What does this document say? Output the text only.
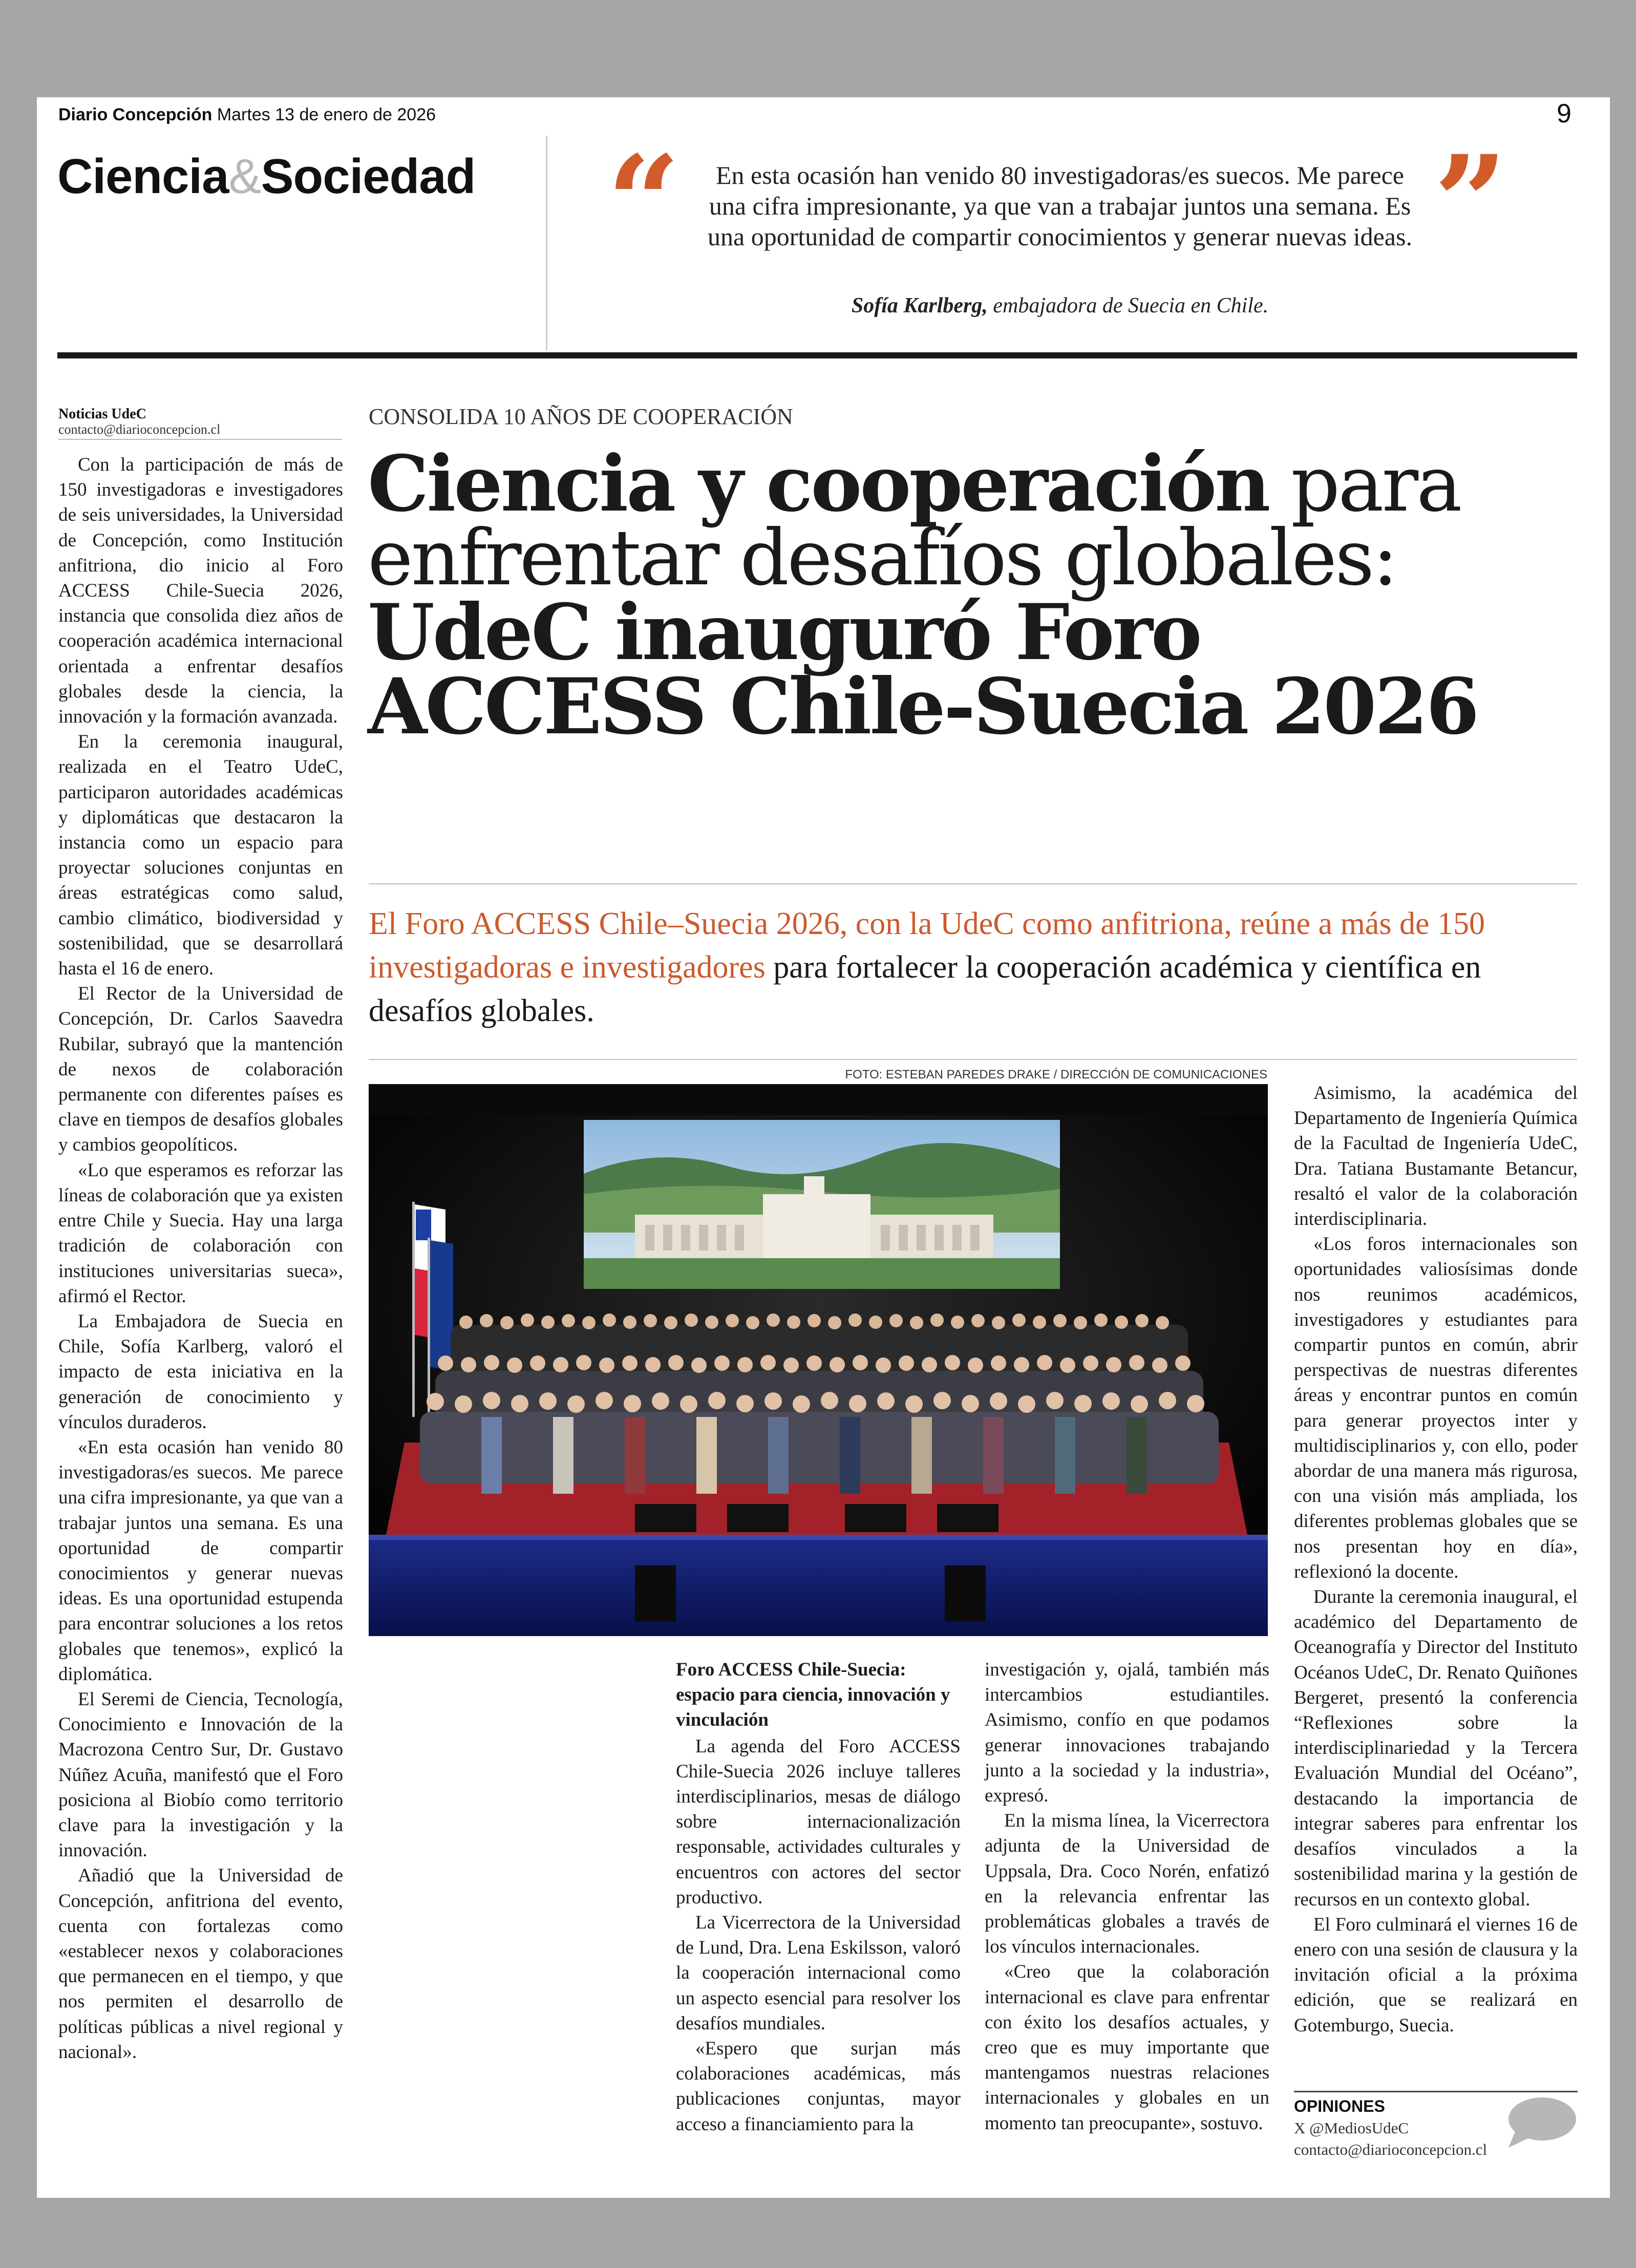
Diario Concepción Martes 13 de enero de 2026	9
Ciencia&Sociedad “	En esta ocasión han venido 80 investigadoras/es suecos. Me parece una cifra impresionante, ya que van a trabajar juntos una semana. Es una oportunidad de compartir conocimientos y generar nuevas ideas. ”
Sofía Karlberg, embajadora de Suecia en Chile.
Noticias UdeC
contacto@diarioconcepcion.cl
CONSOLIDA 10 AÑOS DE COOPERACIÓN
Ciencia y cooperación para
enfrentar desafíos globales:
UdeC inauguró Foro
ACCESS Chile-Suecia 2026
El Foro ACCESS Chile–Suecia 2026, con la UdeC como anfitriona, reúne a más de 150 investigadoras e investigadores para fortalecer la cooperación académica y científica en desafíos globales.
FOTO: ESTEBAN PAREDES DRAKE / DIRECCIÓN DE COMUNICACIONES

Con la participación de más de 150 investigadoras e investigadores de seis universidades, la Universidad de Concepción, como Institución anfitriona, dio inicio al Foro ACCESS Chile-Suecia 2026, instancia que consolida diez años de cooperación académica internacional orientada a enfrentar desafíos globales desde la ciencia, la innovación y la formación avanzada.

En la ceremonia inaugural, realizada en el Teatro UdeC, participaron autoridades académicas y diplomáticas que destacaron la instancia como un espacio para proyectar soluciones conjuntas en áreas estratégicas como salud, cambio climático, biodiversidad y sostenibilidad, que se desarrollará hasta el 16 de enero.

El Rector de la Universidad de Concepción, Dr. Carlos Saavedra Rubilar, subrayó que la mantención de nexos de colaboración permanente con diferentes países es clave en tiempos de desafíos globales y cambios geopolíticos.

«Lo que esperamos es reforzar las líneas de colaboración que ya existen entre Chile y Suecia. Hay una larga tradición de colaboración con instituciones universitarias sueca», afirmó el Rector.

La Embajadora de Suecia en Chile, Sofía Karlberg, valoró el impacto de esta iniciativa en la generación de conocimiento y vínculos duraderos.

«En esta ocasión han venido 80 investigadoras/es suecos. Me parece una cifra impresionante, ya que van a trabajar juntos una semana. Es una oportunidad de compartir conocimientos y generar nuevas ideas. Es una oportunidad estupenda para encontrar soluciones a los retos globales que tenemos», explicó la diplomática.

El Seremi de Ciencia, Tecnología, Conocimiento e Innovación de la Macrozona Centro Sur, Dr. Gustavo Núñez Acuña, manifestó que el Foro posiciona al Biobío como territorio clave para la investigación y la innovación.

Añadió que la Universidad de Concepción, anfitriona del evento, cuenta con fortalezas como «establecer nexos y colaboraciones que permanecen en el tiempo, y que nos permiten el desarrollo de políticas públicas a nivel regional y nacional».

Foro ACCESS Chile-Suecia: espacio para ciencia, innovación y vinculación

La agenda del Foro ACCESS Chile-Suecia 2026 incluye talleres interdisciplinarios, mesas de diálogo sobre internacionalización responsable, actividades culturales y encuentros con actores del sector productivo.

La Vicerrectora de la Universidad de Lund, Dra. Lena Eskilsson, valoró la cooperación internacional como un aspecto esencial para resolver los desafíos mundiales.

«Espero que surjan más colaboraciones académicas, más publicaciones conjuntas, mayor acceso a financiamiento para la

investigación y, ojalá, también más intercambios estudiantiles. Asimismo, confío en que podamos generar innovaciones trabajando junto a la sociedad y la industria», expresó.

En la misma línea, la Vicerrectora adjunta de la Universidad de Uppsala, Dra. Coco Norén, enfatizó en la relevancia enfrentar las problemáticas globales a través de los vínculos internacionales.

«Creo que la colaboración internacional es clave para enfrentar con éxito los desafíos actuales, y creo que es muy importante que mantengamos nuestras relaciones internacionales y globales en un momento tan preocupante», sostuvo.

Asimismo, la académica del Departamento de Ingeniería Química de la Facultad de Ingeniería UdeC, Dra. Tatiana Bustamante Betancur, resaltó el valor de la colaboración interdisciplinaria.

«Los foros internacionales son oportunidades valiosísimas donde nos reunimos académicos, investigadores y estudiantes para compartir puntos en común, abrir perspectivas de nuestras diferentes áreas y encontrar puntos en común para generar proyectos inter y multidisciplinarios y, con ello, poder abordar de una manera más rigurosa, con una visión más ampliada, los diferentes problemas globales que se nos presentan hoy en día», reflexionó la docente.

Durante la ceremonia inaugural, el académico del Departamento de Oceanografía y Director del Instituto Océanos UdeC, Dr. Renato Quiñones Bergeret, presentó la conferencia “Reflexiones sobre la interdisciplinariedad y la Tercera Evaluación Mundial del Océano”, destacando la importancia de integrar saberes para enfrentar los desafíos vinculados a la sostenibilidad marina y la gestión de recursos en un contexto global.

El Foro culminará el viernes 16 de enero con una sesión de clausura y la invitación oficial a la próxima edición, que se realizará en Gotemburgo, Suecia.

OPINIONES
X @MediosUdeC
contacto@diarioconcepcion.cl
